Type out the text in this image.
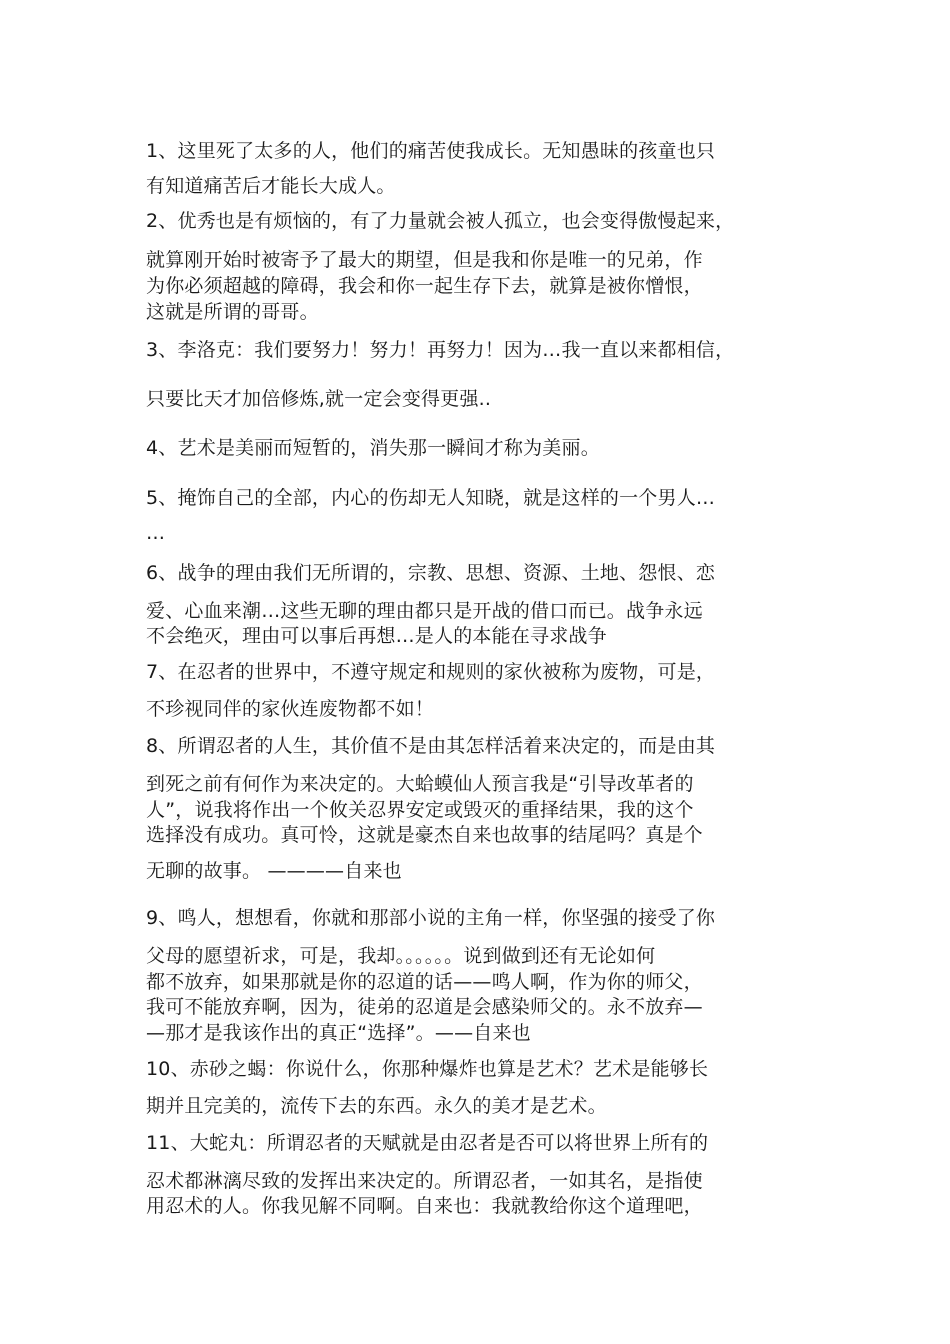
1、这里死了太多的人，他们的痛苦使我成长。无知愚昧的孩童也只
有知道痛苦后才能长大成人。
2、优秀也是有烦恼的，有了力量就会被人孤立，也会变得傲慢起来，
就算刚开始时被寄予了最大的期望，但是我和你是唯一的兄弟，作
为你必须超越的障碍，我会和你一起生存下去，就算是被你憎恨，
这就是所谓的哥哥。
3、李洛克：我们要努力！努力！再努力！因为…我一直以来都相信，
只要比天才加倍修炼,就一定会变得更强..
4、艺术是美丽而短暂的，消失那一瞬间才称为美丽。
5、掩饰自己的全部，内心的伤却无人知晓，就是这样的一个男人…
…
6、战争的理由我们无所谓的，宗教、思想、资源、土地、怨恨、恋
爱、心血来潮…这些无聊的理由都只是开战的借口而已。战争永远
不会绝灭，理由可以事后再想…是人的本能在寻求战争
7、在忍者的世界中，不遵守规定和规则的家伙被称为废物，可是，
不珍视同伴的家伙连废物都不如！
8、所谓忍者的人生，其价值不是由其怎样活着来决定的，而是由其
到死之前有何作为来决定的。大蛤蟆仙人预言我是“引导改革者的
人”，说我将作出一个攸关忍界安定或毁灭的重择结果，我的这个
选择没有成功。真可怜，这就是豪杰自来也故事的结尾吗？真是个
无聊的故事。 ————自来也
9、鸣人，想想看，你就和那部小说的主角一样，你坚强的接受了你
父母的愿望祈求，可是，我却。。。。。。说到做到还有无论如何
都不放弃，如果那就是你的忍道的话——鸣人啊，作为你的师父，
我可不能放弃啊，因为，徒弟的忍道是会感染师父的。永不放弃—
—那才是我该作出的真正“选择”。——自来也
10、赤砂之蝎：你说什么，你那种爆炸也算是艺术？艺术是能够长
期并且完美的，流传下去的东西。永久的美才是艺术。
11、大蛇丸：所谓忍者的天赋就是由忍者是否可以将世界上所有的
忍术都淋漓尽致的发挥出来决定的。所谓忍者，一如其名，是指使
用忍术的人。你我见解不同啊。自来也：我就教给你这个道理吧，
